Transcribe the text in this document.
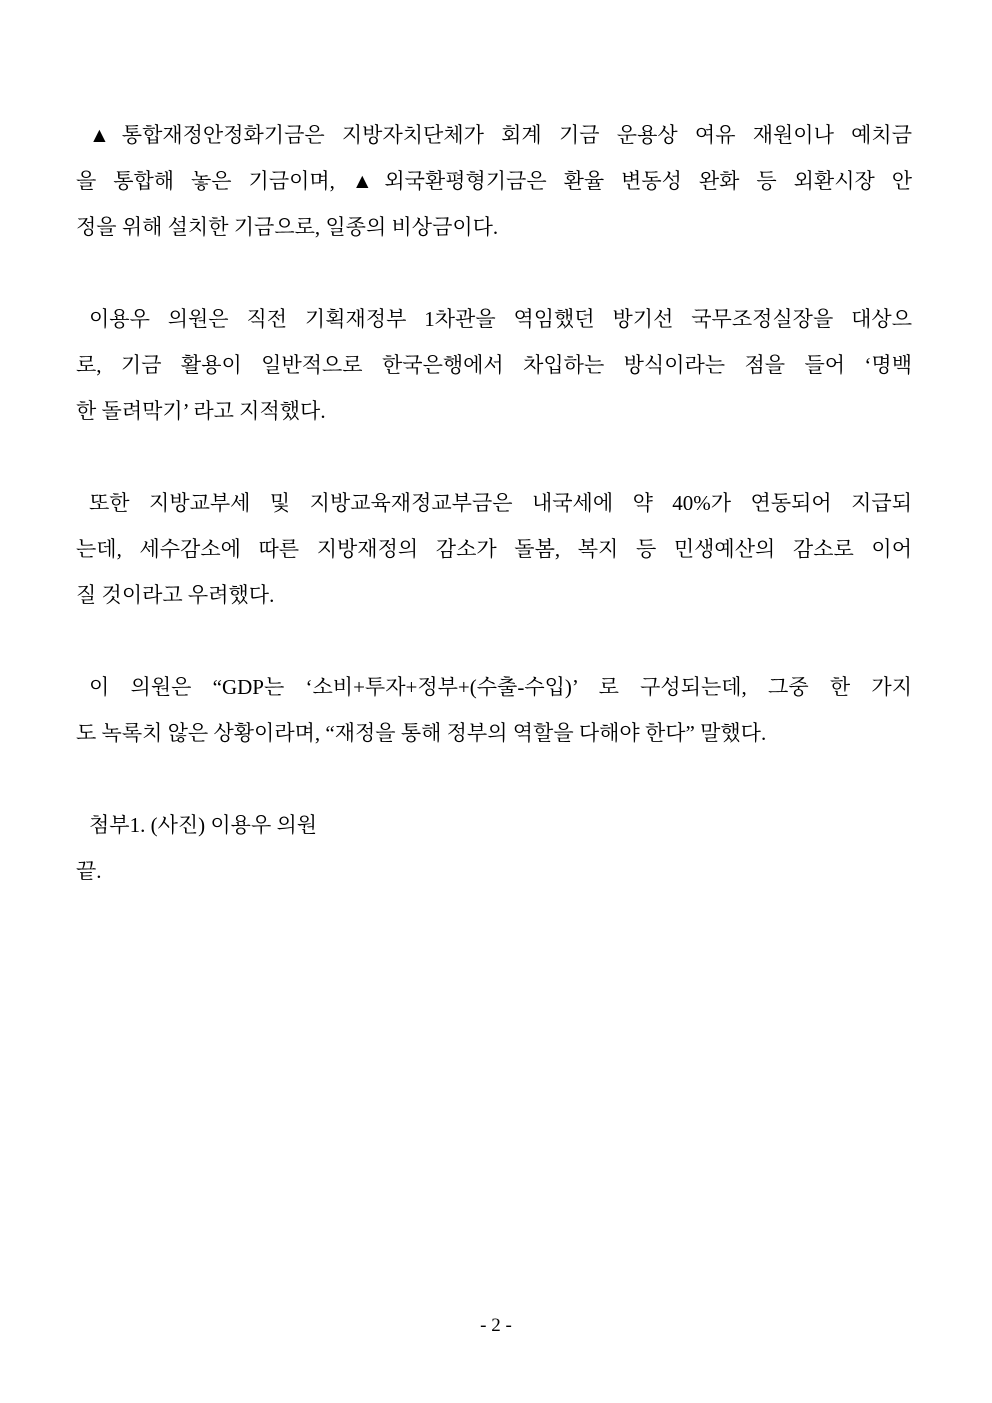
▲통합재정안정화기금은 지방자치단체가 회계 기금 운용상 여유 재원이나 예치금
을 통합해 놓은 기금이며, ▲외국환평형기금은 환율 변동성 완화 등 외환시장 안
정을 위해 설치한 기금으로, 일종의 비상금이다.
이용우 의원은 직전 기획재정부 1차관을 역임했던 방기선 국무조정실장을 대상으
로, 기금 활용이 일반적으로 한국은행에서 차입하는 방식이라는 점을 들어 ‘명백
한 돌려막기’ 라고 지적했다.
또한 지방교부세 및 지방교육재정교부금은 내국세에 약 40%가 연동되어 지급되
는데, 세수감소에 따른 지방재정의 감소가 돌봄, 복지 등 민생예산의 감소로 이어
질 것이라고 우려했다.
이 의원은 “GDP는 ‘소비+투자+정부+(수출-수입)’ 로 구성되는데, 그중 한 가지
도 녹록치 않은 상황이라며, “재정을 통해 정부의 역할을 다해야 한다” 말했다.
첨부1. (사진) 이용우 의원
끝.
- 2 -
